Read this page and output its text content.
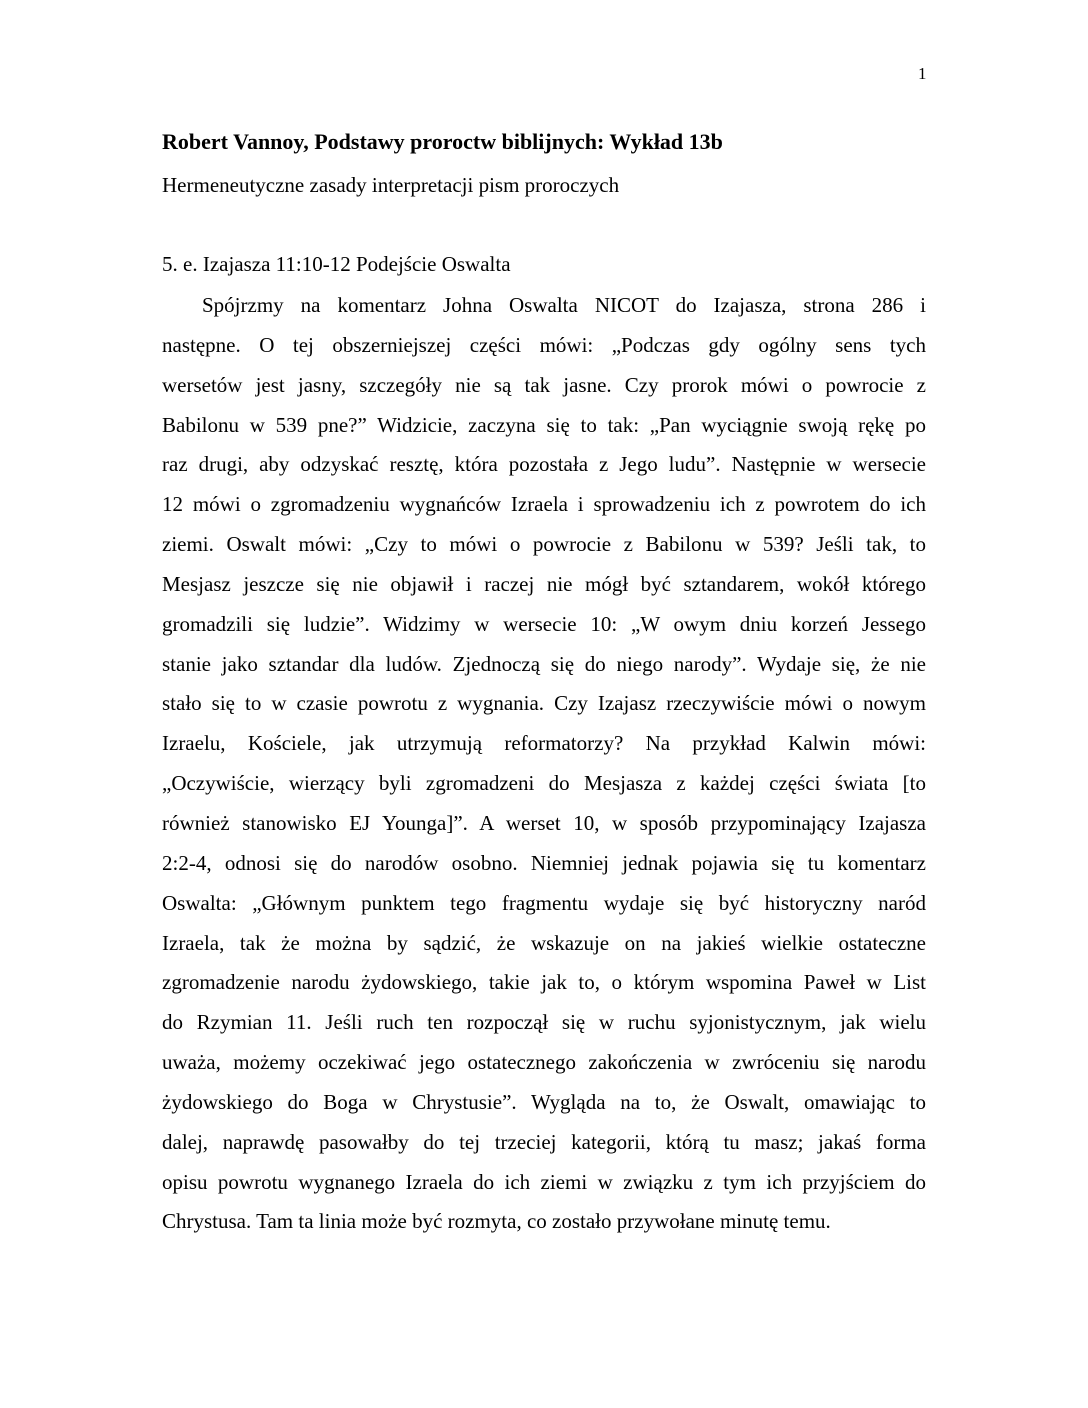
1
Robert Vannoy, Podstawy proroctw biblijnych: Wykład 13b
Hermeneutyczne zasady interpretacji pism proroczych
5. e. Izajasza 11:10-12 Podejście Oswalta
Spójrzmy na komentarz Johna Oswalta NICOT do Izajasza, strona 286 i
następne. O tej obszerniejszej części mówi: „Podczas gdy ogólny sens tych
wersetów jest jasny, szczegóły nie są tak jasne. Czy prorok mówi o powrocie z
Babilonu w 539 pne?” Widzicie, zaczyna się to tak: „Pan wyciągnie swoją rękę po
raz drugi, aby odzyskać resztę, która pozostała z Jego ludu”. Następnie w wersecie
12 mówi o zgromadzeniu wygnańców Izraela i sprowadzeniu ich z powrotem do ich
ziemi. Oswalt mówi: „Czy to mówi o powrocie z Babilonu w 539? Jeśli tak, to
Mesjasz jeszcze się nie objawił i raczej nie mógł być sztandarem, wokół którego
gromadzili się ludzie”. Widzimy w wersecie 10: „W owym dniu korzeń Jessego
stanie jako sztandar dla ludów. Zjednoczą się do niego narody”. Wydaje się, że nie
stało się to w czasie powrotu z wygnania. Czy Izajasz rzeczywiście mówi o nowym
Izraelu, Kościele, jak utrzymują reformatorzy? Na przykład Kalwin mówi:
„Oczywiście, wierzący byli zgromadzeni do Mesjasza z każdej części świata [to
również stanowisko EJ Younga]”. A werset 10, w sposób przypominający Izajasza
2:2-4, odnosi się do narodów osobno. Niemniej jednak pojawia się tu komentarz
Oswalta: „Głównym punktem tego fragmentu wydaje się być historyczny naród
Izraela, tak że można by sądzić, że wskazuje on na jakieś wielkie ostateczne
zgromadzenie narodu żydowskiego, takie jak to, o którym wspomina Paweł w List
do Rzymian 11. Jeśli ruch ten rozpoczął się w ruchu syjonistycznym, jak wielu
uważa, możemy oczekiwać jego ostatecznego zakończenia w zwróceniu się narodu
żydowskiego do Boga w Chrystusie”. Wygląda na to, że Oswalt, omawiając to
dalej, naprawdę pasowałby do tej trzeciej kategorii, którą tu masz; jakaś forma
opisu powrotu wygnanego Izraela do ich ziemi w związku z tym ich przyjściem do
Chrystusa. Tam ta linia może być rozmyta, co zostało przywołane minutę temu.
